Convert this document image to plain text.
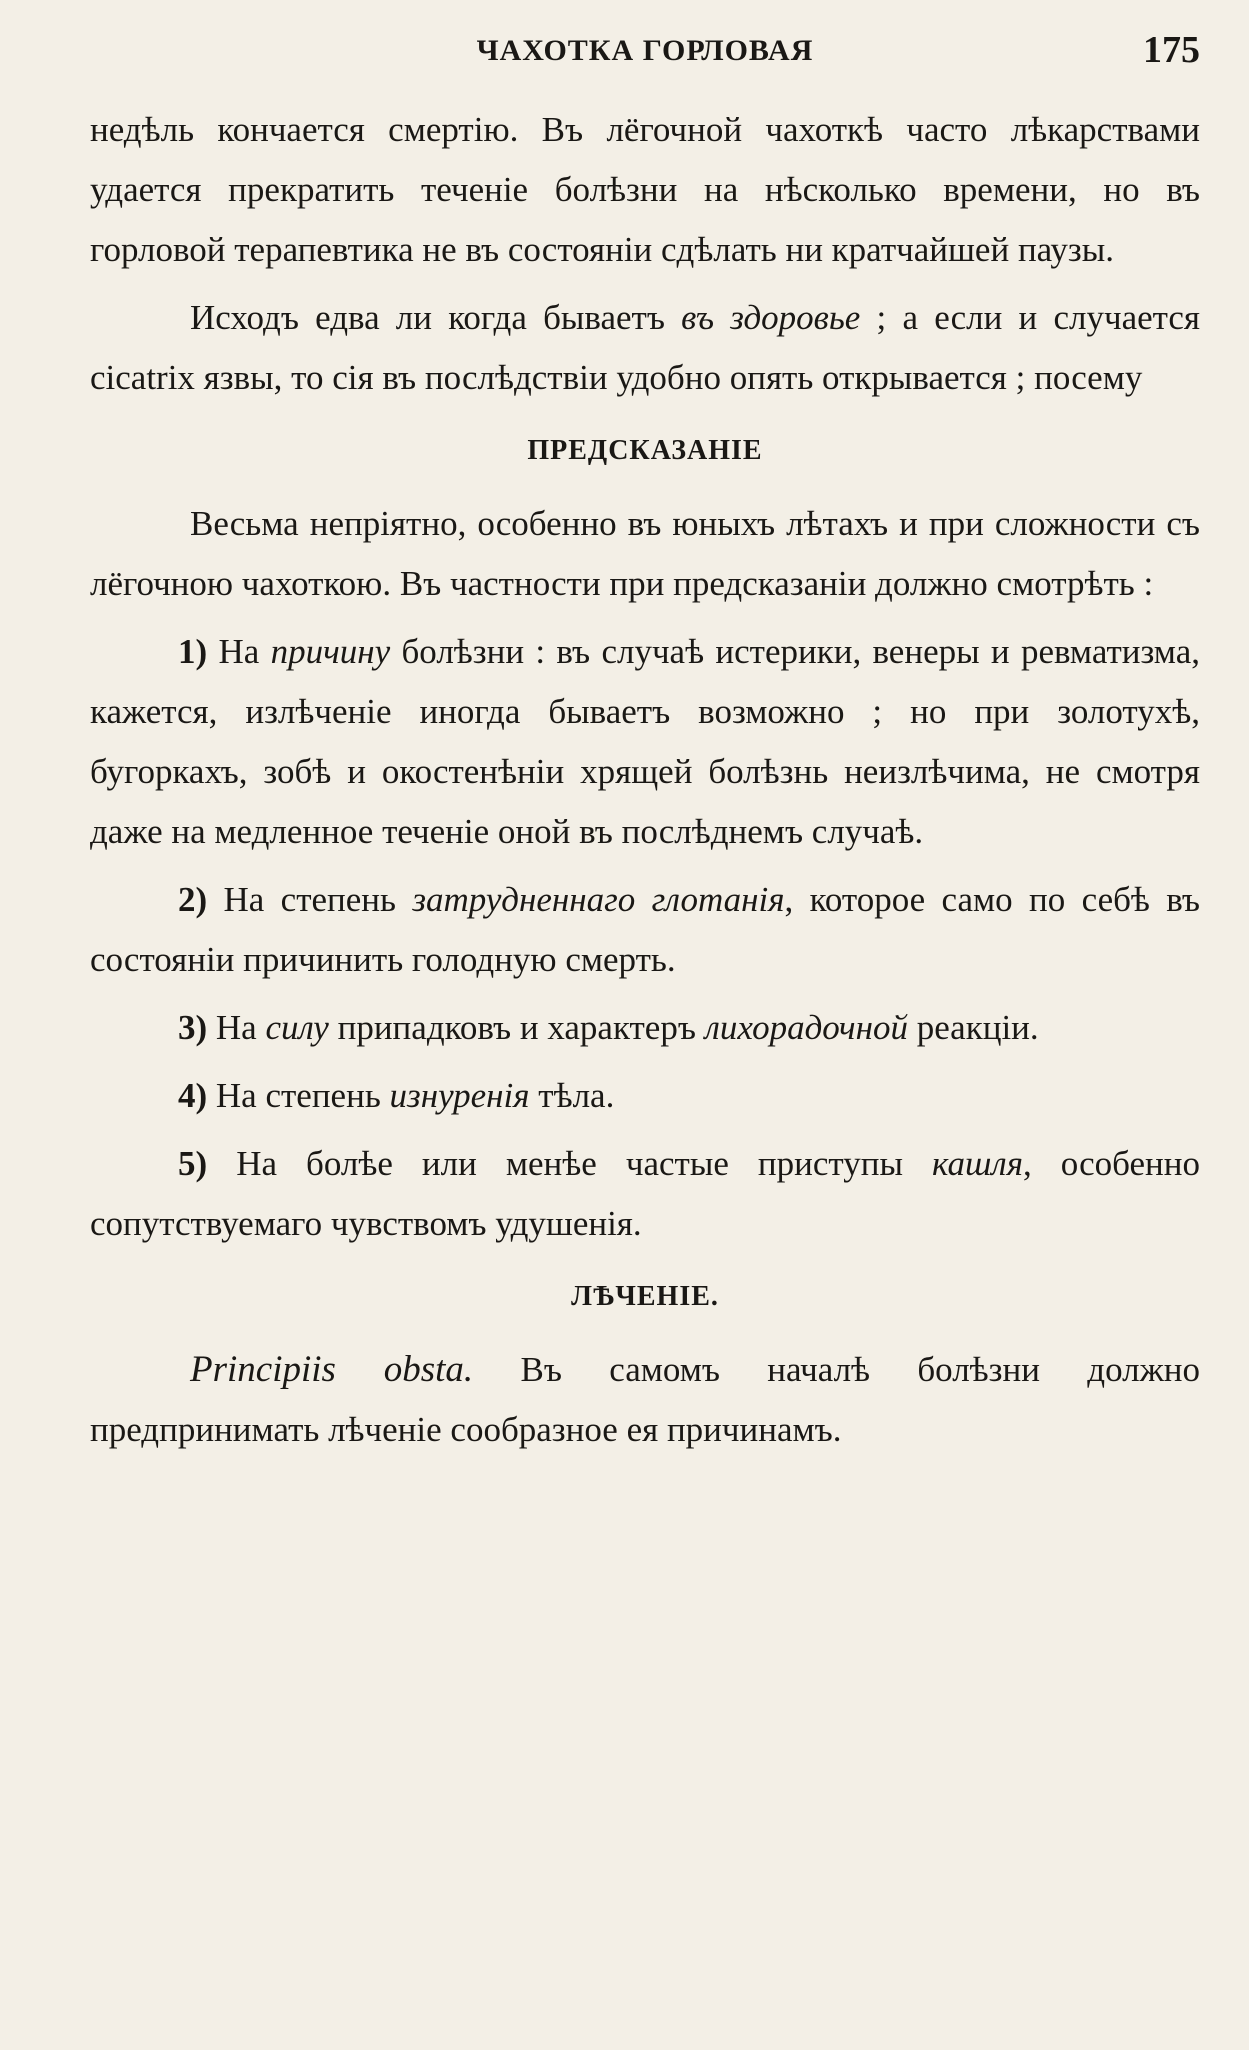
ЧАХОТКА ГОРЛОВАЯ	175

недѣль кончается смертію. Въ лёгочной чахоткѣ часто лѣкарствами удается прекратить теченіе болѣзни на нѣсколько времени, но въ горловой терапевтика не въ состояніи сдѣлать ни кратчайшей паузы.

Исходъ едва ли когда бываетъ въ здоровье ; а если и случается cicatrix язвы, то сія въ послѣдствіи удобно опять открывается ; посему

ПРЕДСКАЗАНІЕ

Весьма непріятно, особенно въ юныхъ лѣтахъ и при сложности съ лёгочною чахоткою. Въ частности при предсказаніи должно смотрѣть :

1) На причину болѣзни : въ случаѣ истерики, венеры и ревматизма, кажется, излѣченіе иногда бываетъ возможно ; но при золотухѣ, бугоркахъ, зобѣ и окостенѣніи хрящей болѣзнь неизлѣчима, не смотря даже на медленное теченіе оной въ послѣднемъ случаѣ.

2) На степень затрудненнаго глотанія, которое само по себѣ въ состояніи причинить голодную смерть.

3) На силу припадковъ и характеръ лихорадочной реакціи.

4) На степень изнуренія тѣла.

5) На болѣе или менѣе частые приступы кашля, особенно сопутствуемаго чувствомъ удушенія.

ЛѢЧЕНІЕ.

Principiis obsta. Въ самомъ началѣ болѣзни должно предпринимать лѣченіе сообразное ея причинамъ.
